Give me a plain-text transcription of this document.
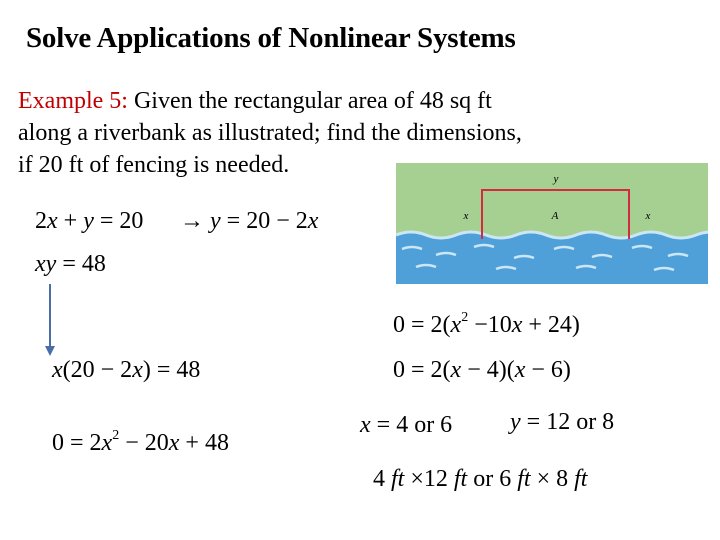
Solve Applications of Nonlinear Systems
Example 5: Given the rectangular area of 48 sq ft
along a riverbank as illustrated; find the dimensions,
if 20 ft of fencing is needed.
y
x	A	x
2x + y = 20 → y = 20 − 2x
xy = 48
x(20 − 2x) = 48
$0 = 2x^2 - 20x + 48$
$0 = 2(x^2 -10x + 24)$
0 = 2(x − 4)(x − 6)
x = 4 or 6 y = 12 or 8
4 ft ×12 ft or 6 ft × 8 ft
